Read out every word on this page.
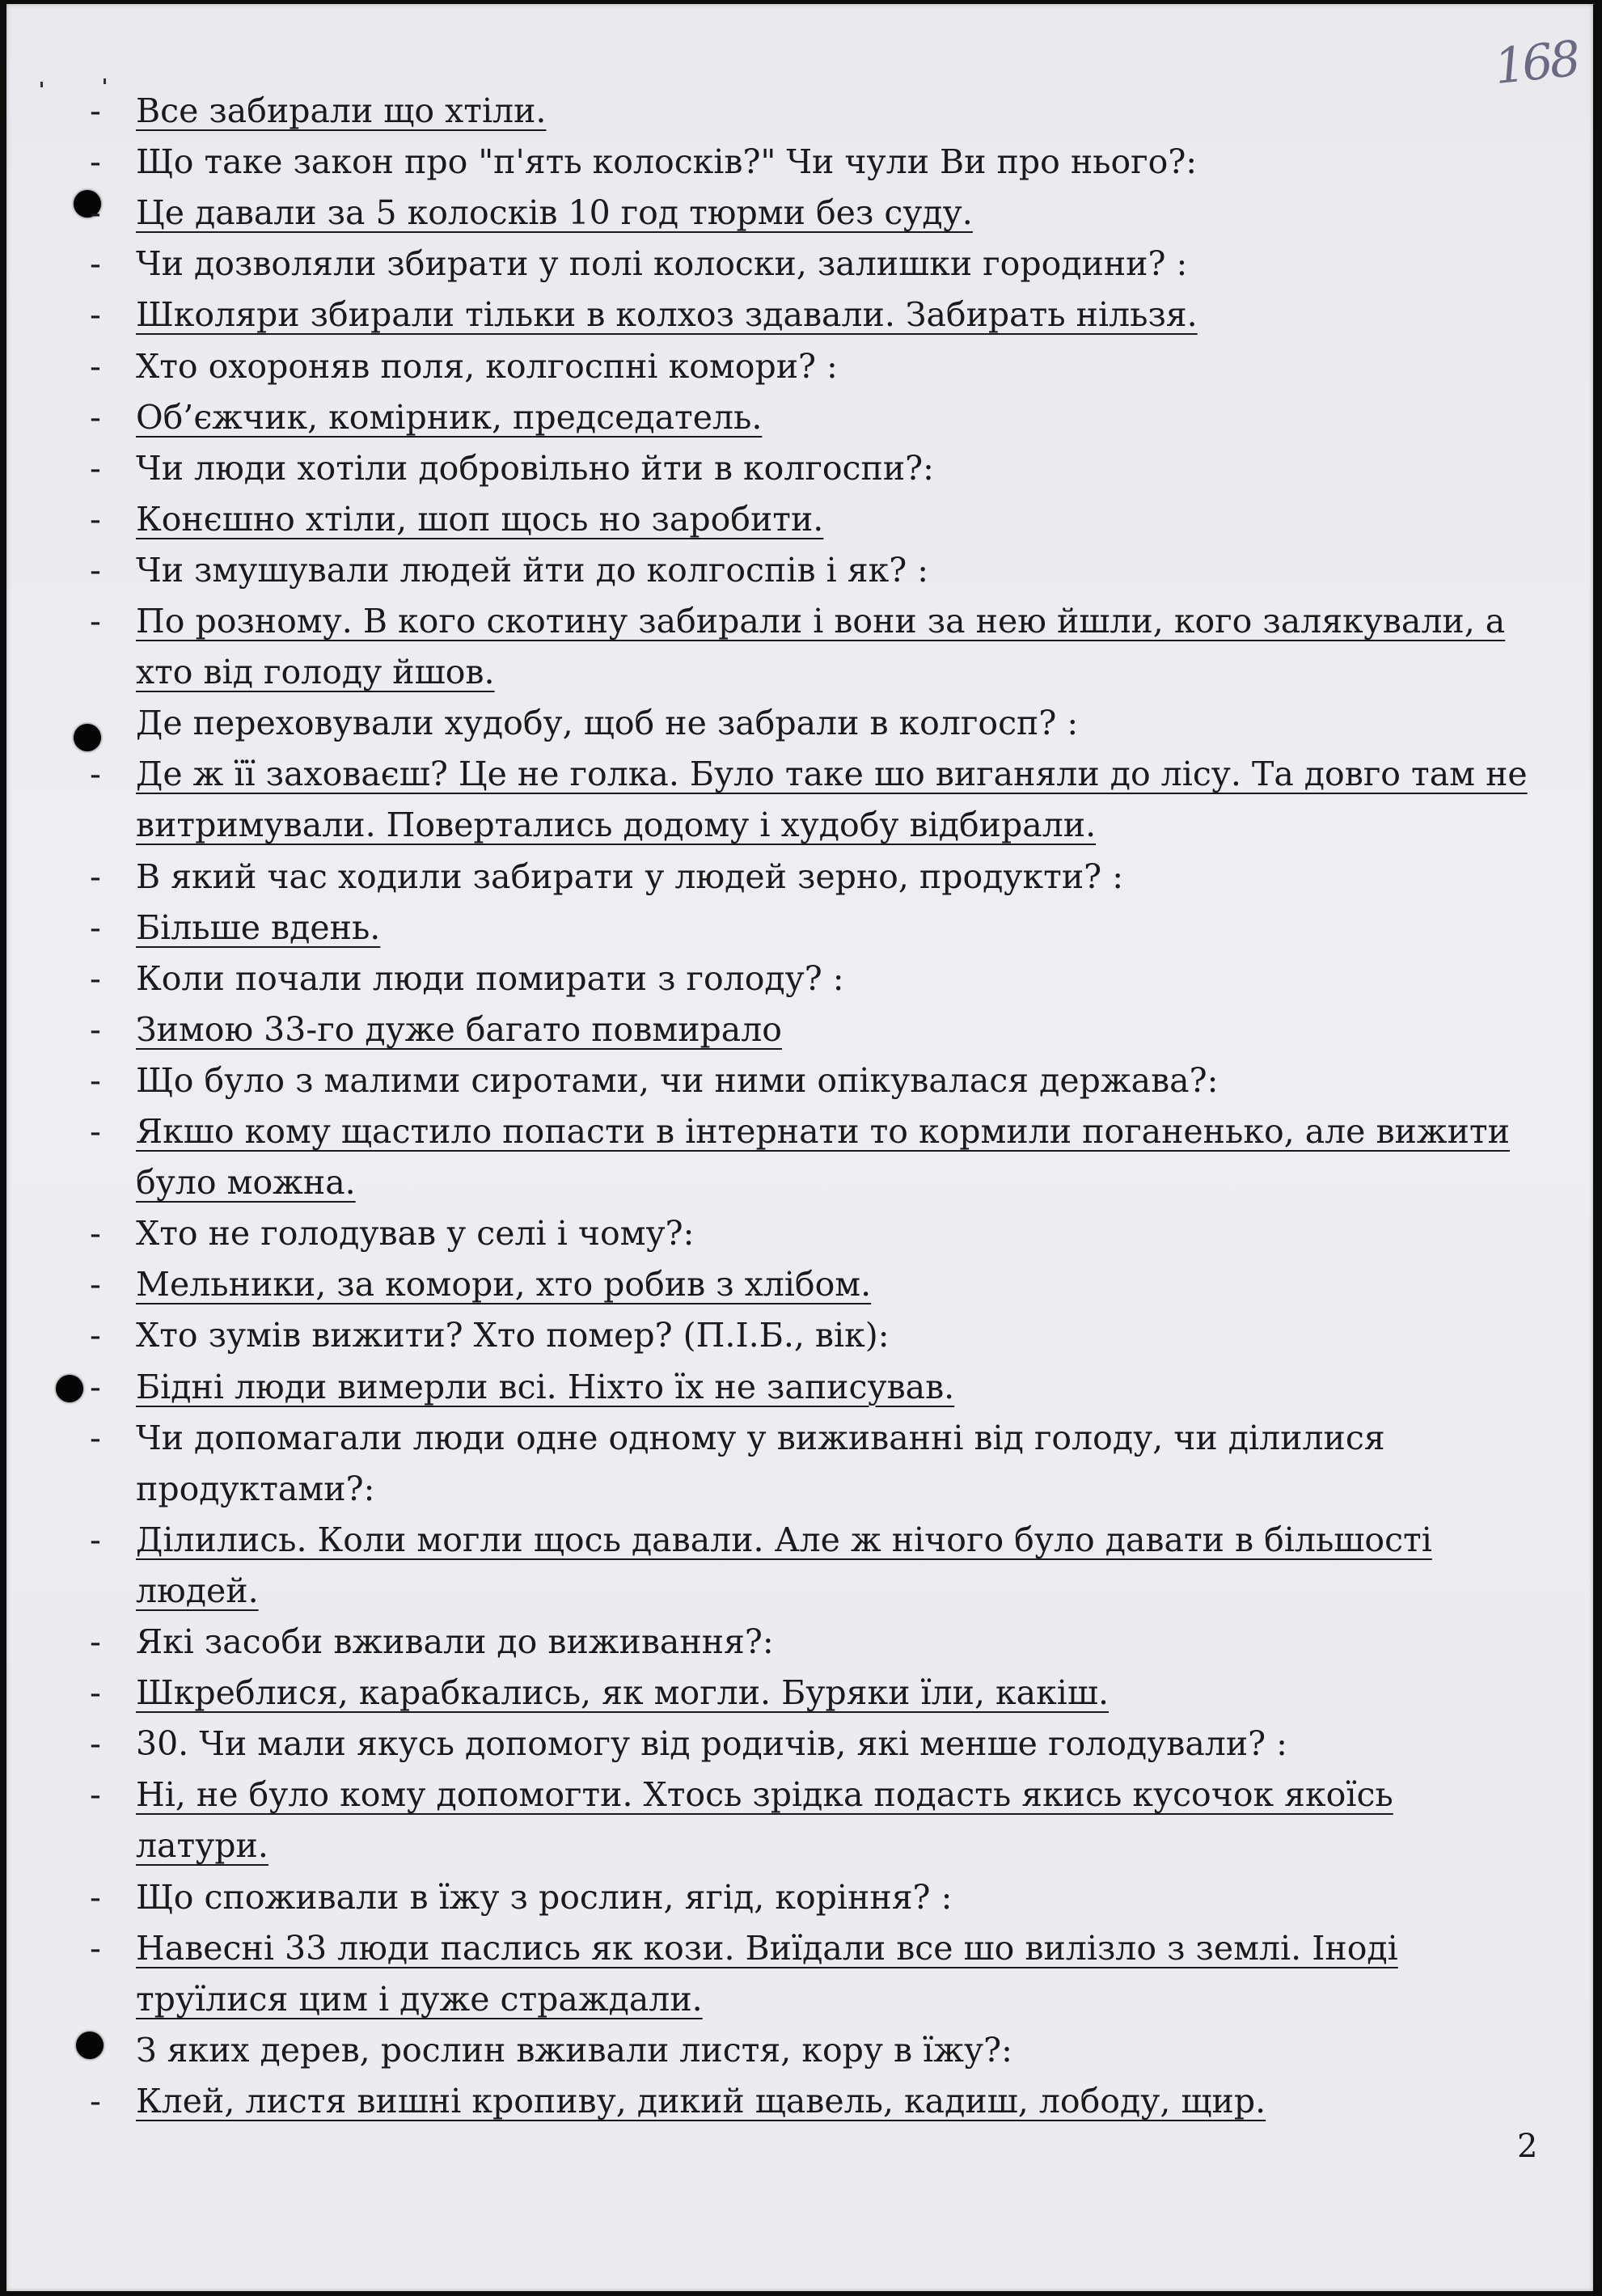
168
- Все забирали що хтіли.
- Що таке закон про "п'ять колосків?" Чи чули Ви про нього?:
- Це давали за 5 колосків 10 год тюрми без суду.
- Чи дозволяли збирати у полі колоски, залишки городини? :
- Школяри збирали тільки в колхоз здавали. Забирать нільзя.
- Хто охороняв поля, колгоспні комори? :
- Об’єжчик, комірник, председатель.
- Чи люди хотіли добровільно йти в колгоспи?:
- Конєшно хтіли, шоп щось но заробити.
- Чи змушували людей йти до колгоспів і як? :
- По розному. В кого скотину забирали і вони за нею йшли, кого залякували, а
хто від голоду йшов.
Де переховували худобу, щоб не забрали в колгосп? :
- Де ж її заховаєш? Це не голка. Було таке шо виганяли до лісу. Та довго там не
витримували. Повертались додому і худобу відбирали.
- В який час ходили забирати у людей зерно, продукти? :
- Більше вдень.
- Коли почали люди помирати з голоду? :
- Зимою 33-го дуже багато повмирало
- Що було з малими сиротами, чи ними опікувалася держава?:
- Якшо кому щастило попасти в інтернати то кормили поганенько, але вижити
було можна.
- Хто не голодував у селі і чому?:
- Мельники, за комори, хто робив з хлібом.
- Хто зумів вижити? Хто помер? (П.І.Б., вік):
- Бідні люди вимерли всі. Ніхто їх не записував.
- Чи допомагали люди одне одному у виживанні від голоду, чи ділилися
продуктами?:
- Ділились. Коли могли щось давали. Але ж нічого було давати в більшості
людей.
- Які засоби вживали до виживання?:
- Шкреблися, карабкались, як могли. Буряки їли, какіш.
- 30. Чи мали якусь допомогу від родичів, які менше голодували? :
- Ні, не було кому допомогти. Хтось зрідка подасть якись кусочок якоїсь
латури.
- Що споживали в їжу з рослин, ягід, коріння? :
- Навесні 33 люди паслись як кози. Виїдали все шо вилізло з землі. Іноді
труїлися цим і дуже страждали.
З яких дерев, рослин вживали листя, кору в їжу?:
- Клей, листя вишні кропиву, дикий щавель, кадиш, лободу, щир.
2
